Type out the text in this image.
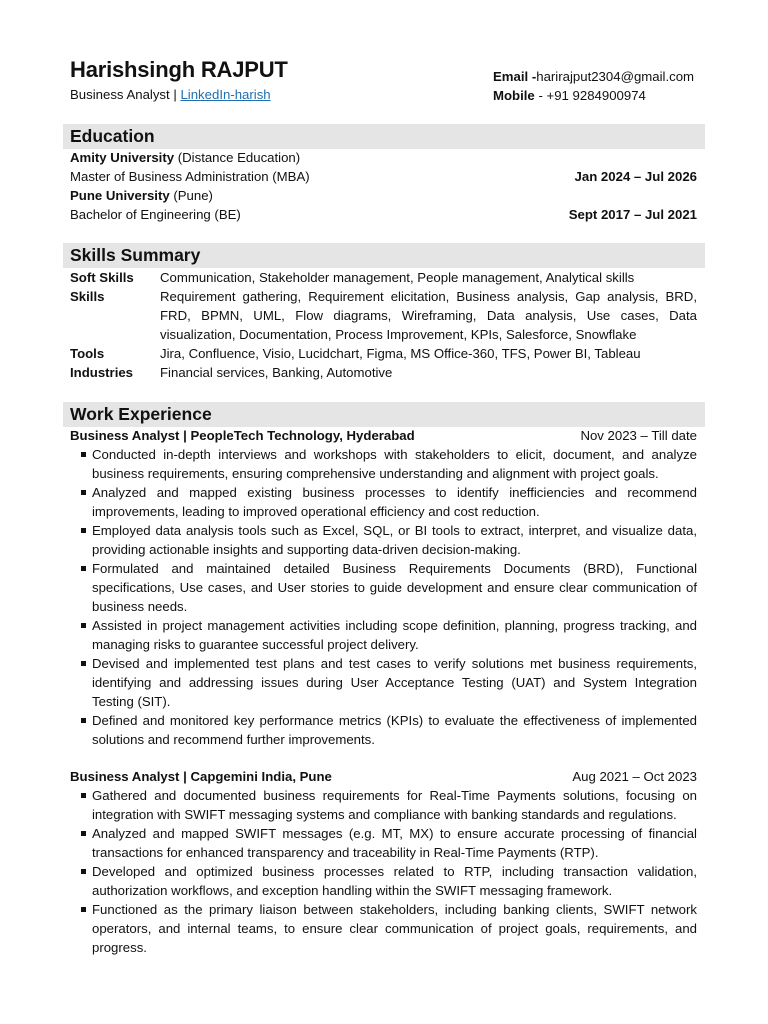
Harishsingh RAJPUT
Business Analyst | LinkedIn-harish
Email -harirajput2304@gmail.com
Mobile - +91 9284900974
Education
Amity University (Distance Education)
Master of Business Administration (MBA)	Jan 2024 – Jul 2026
Pune University (Pune)
Bachelor of Engineering (BE)	Sept 2017 – Jul 2021
Skills Summary
Soft Skills	Communication, Stakeholder management, People management, Analytical skills
Skills	Requirement gathering, Requirement elicitation, Business analysis, Gap analysis, BRD, FRD, BPMN, UML, Flow diagrams, Wireframing, Data analysis, Use cases, Data visualization, Documentation, Process Improvement, KPIs, Salesforce, Snowflake
Tools	Jira, Confluence, Visio, Lucidchart, Figma, MS Office-360, TFS, Power BI, Tableau
Industries	Financial services, Banking, Automotive
Work Experience
Business Analyst | PeopleTech Technology, Hyderabad	Nov 2023 – Till date
Conducted in-depth interviews and workshops with stakeholders to elicit, document, and analyze business requirements, ensuring comprehensive understanding and alignment with project goals.
Analyzed and mapped existing business processes to identify inefficiencies and recommend improvements, leading to improved operational efficiency and cost reduction.
Employed data analysis tools such as Excel, SQL, or BI tools to extract, interpret, and visualize data, providing actionable insights and supporting data-driven decision-making.
Formulated and maintained detailed Business Requirements Documents (BRD), Functional specifications, Use cases, and User stories to guide development and ensure clear communication of business needs.
Assisted in project management activities including scope definition, planning, progress tracking, and managing risks to guarantee successful project delivery.
Devised and implemented test plans and test cases to verify solutions met business requirements, identifying and addressing issues during User Acceptance Testing (UAT) and System Integration Testing (SIT).
Defined and monitored key performance metrics (KPIs) to evaluate the effectiveness of implemented solutions and recommend further improvements.
Business Analyst | Capgemini India, Pune	Aug 2021 – Oct 2023
Gathered and documented business requirements for Real-Time Payments solutions, focusing on integration with SWIFT messaging systems and compliance with banking standards and regulations.
Analyzed and mapped SWIFT messages (e.g. MT, MX) to ensure accurate processing of financial transactions for enhanced transparency and traceability in Real-Time Payments (RTP).
Developed and optimized business processes related to RTP, including transaction validation, authorization workflows, and exception handling within the SWIFT messaging framework.
Functioned as the primary liaison between stakeholders, including banking clients, SWIFT network operators, and internal teams, to ensure clear communication of project goals, requirements, and progress.
